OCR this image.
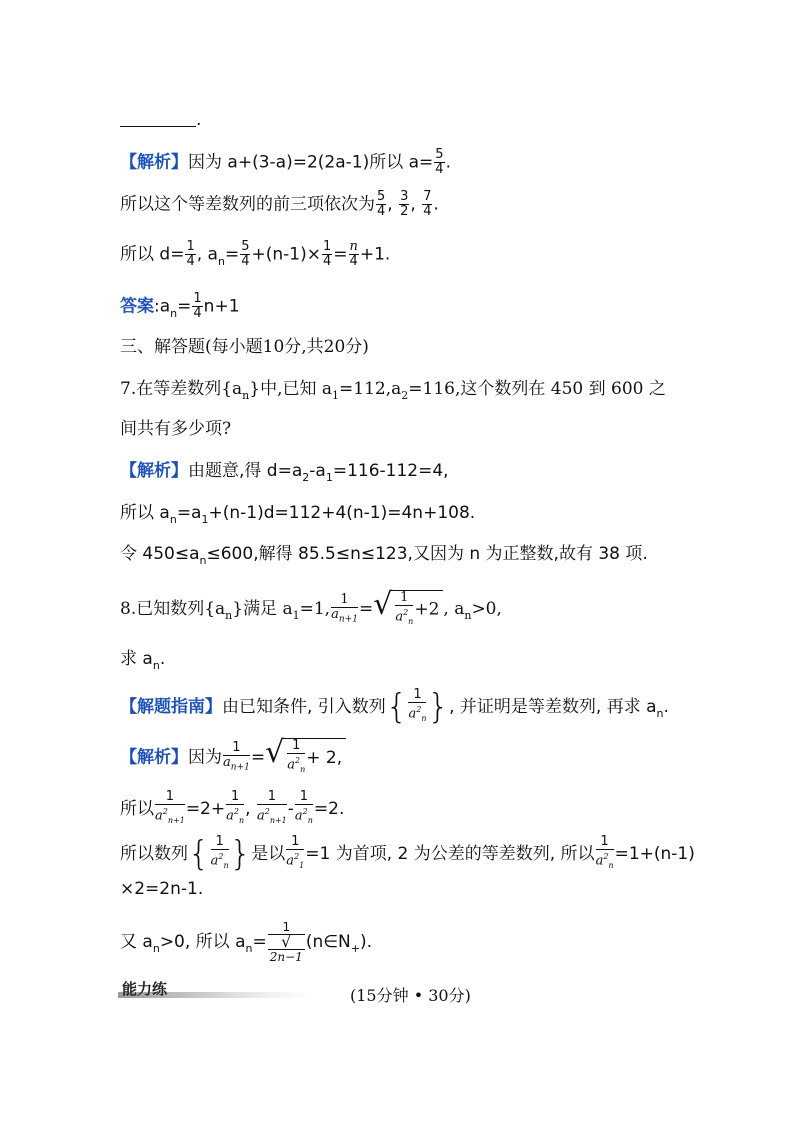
.
【解析】因为 a+(3-a)=2(2a-1)所以 $a= \frac{5}{4}$ .
所以这个等差数列的前三项依次为 $\frac{5}{4}$ , $\frac{3}{2}$ , $\frac{7}{4}$ .
所以 $d= \frac{1}{4}$ , $a_n= \frac{5}{4} +(n-1)\times \frac{1}{4} = \frac{n}{4} +1$.
答案$:a_n= \frac{1}{4} n+1$
三、解答题(每小题10分,共20分)
7.在等差数列$\{a_n\}$中,已知 $a_1=112,a_2=116$,这个数列在 450 到 600 之
间共有多少项?
【解析】由题意,得 $d=a_2-a_1=116-112=4$,
所以 $a_n=a_1+(n-1)d=112+4(n-1)=4n+108$.
令 $450\le a_n\le 600$,解得 85.5≤n≤123,又因为 n 为正整数,故有 38 项.
8.已知数列$\{a_n\}$满足 $a_1=1$, $\frac{1}{a_{n+1}}$ =√ $\frac{1}{a^2_n} +2$ , $a_n>0$,
求 $a_n$.
【解题指南】由已知条件, 引入数列{ $\frac{1}{a^2_n}$ }, 并证明是等差数列, 再求 $a_n$.
【解析】因为 $\frac{1}{a_{n+1}}$ =√ $\frac{1}{a^2_n} + 2$,
所以 $\frac{1}{a^2_{n+1}} =2+ \frac{1}{a^2_n}$ , $\frac{1}{a^2_{n+1}} - \frac{1}{a^2_n} =2$.
所以数列{ $\frac{1}{a^2_n}$ }是以 $\frac{1}{a^2_1} =1$ 为首项, 2 为公差的等差数列, 所以 $\frac{1}{a^2_n} =1+(n-1)$
×2=2n-1.
又 $a_n>0$, 所以 $a_n= 1$
√
2n−1 $(n\in N_+)$.
能力练	(15分钟 • 30分)
